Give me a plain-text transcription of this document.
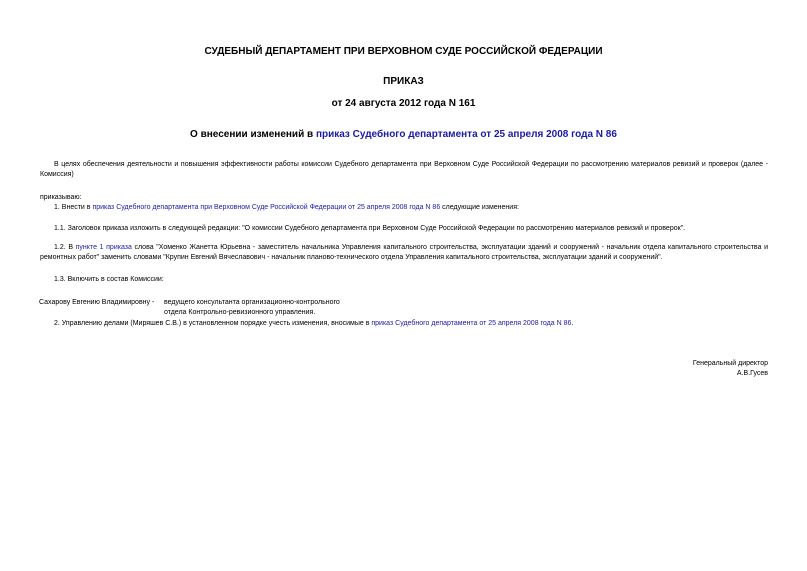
СУДЕБНЫЙ ДЕПАРТАМЕНТ ПРИ ВЕРХОВНОМ СУДЕ РОССИЙСКОЙ ФЕДЕРАЦИИ
ПРИКАЗ
от 24 августа 2012 года N 161
О внесении изменений в приказ Судебного департамента от 25 апреля 2008 года N 86
В целях обеспечения деятельности и повышения эффективности работы комиссии Судебного департамента при Верховном Суде Российской Федерации по рассмотрению материалов ревизий и проверок (далее - Комиссия)
приказываю:
1. Внести в приказ Судебного департамента при Верховном Суде Российской Федерации от 25 апреля 2008 года N 86 следующие изменения:
1.1. Заголовок приказа изложить в следующей редакции: "О комиссии Судебного департамента при Верховном Суде Российской Федерации по рассмотрению материалов ревизий и проверок".
1.2. В пункте 1 приказа слова "Хоменко Жанетта Юрьевна - заместитель начальника Управления капитального строительства, эксплуатации зданий и сооружений - начальник отдела капитального строительства и ремонтных работ" заменить словами "Крупин Евгений Вячеславович - начальник планово-технического отдела Управления капитального строительства, эксплуатации зданий и сооружений".
1.3. Включить в состав Комиссии:
Сахарову Евгению Владимировну - ведущего консультанта организационно-контрольного отдела Контрольно-ревизионного управления.
2. Управлению делами (Миряшев С.В.) в установленном порядке учесть изменения, вносимые в приказ Судебного департамента от 25 апреля 2008 года N 86.
Генеральный директор
А.В.Гусев
